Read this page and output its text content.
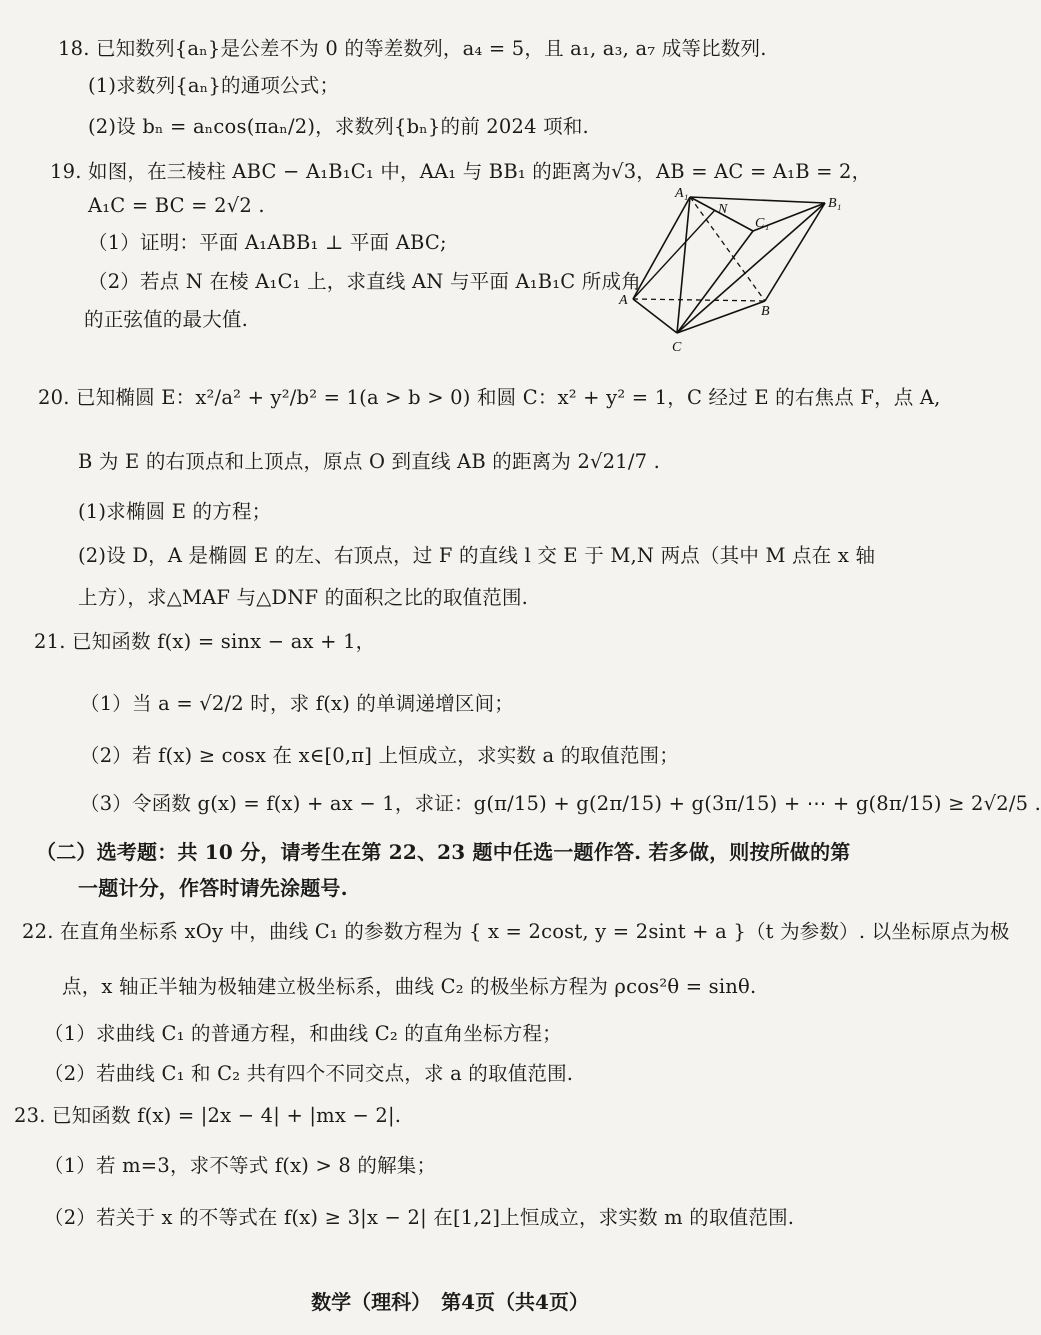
18. 已知数列{aₙ}是公差不为 0 的等差数列，a₄ = 5，且 a₁, a₃, a₇ 成等比数列.
(1)求数列{aₙ}的通项公式；
(2)设 bₙ = aₙcos(πaₙ/2)，求数列{bₙ}的前 2024 项和.
19. 如图，在三棱柱 ABC − A₁B₁C₁ 中，AA₁ 与 BB₁ 的距离为√3，AB = AC = A₁B = 2，
A₁C = BC = 2√2 .
（1）证明：平面 A₁ABB₁ ⊥ 平面 ABC;
（2）若点 N 在棱 A₁C₁ 上，求直线 AN 与平面 A₁B₁C 所成角
的正弦值的最大值.
A₁
B₁
N
C₁
A
B
C
20. 已知椭圆 E：x²/a² + y²/b² = 1(a > b > 0) 和圆 C：x² + y² = 1，C 经过 E 的右焦点 F，点 A,
B 为 E 的右顶点和上顶点，原点 O 到直线 AB 的距离为 2√21/7 .
(1)求椭圆 E 的方程；
(2)设 D，A 是椭圆 E 的左、右顶点，过 F 的直线 l 交 E 于 M,N 两点（其中 M 点在 x 轴
上方），求△MAF 与△DNF 的面积之比的取值范围.
21. 已知函数 f(x) = sinx − ax + 1，
（1）当 a = √2/2 时，求 f(x) 的单调递增区间；
（2）若 f(x) ≥ cosx 在 x∈[0,π] 上恒成立，求实数 a 的取值范围；
（3）令函数 g(x) = f(x) + ax − 1，求证：g(π/15) + g(2π/15) + g(3π/15) + ⋯ + g(8π/15) ≥ 2√2/5 .
（二）选考题：共 10 分，请考生在第 22、23 题中任选一题作答. 若多做，则按所做的第
一题计分，作答时请先涂题号.
22. 在直角坐标系 xOy 中，曲线 C₁ 的参数方程为 { x = 2cost, y = 2sint + a }（t 为参数）. 以坐标原点为极
点，x 轴正半轴为极轴建立极坐标系，曲线 C₂ 的极坐标方程为 ρcos²θ = sinθ.
（1）求曲线 C₁ 的普通方程，和曲线 C₂ 的直角坐标方程；
（2）若曲线 C₁ 和 C₂ 共有四个不同交点，求 a 的取值范围.
23. 已知函数 f(x) = |2x − 4| + |mx − 2|.
（1）若 m=3，求不等式 f(x) > 8 的解集；
（2）若关于 x 的不等式在 f(x) ≥ 3|x − 2| 在[1,2]上恒成立，求实数 m 的取值范围.
数学（理科）　第4页（共4页）
